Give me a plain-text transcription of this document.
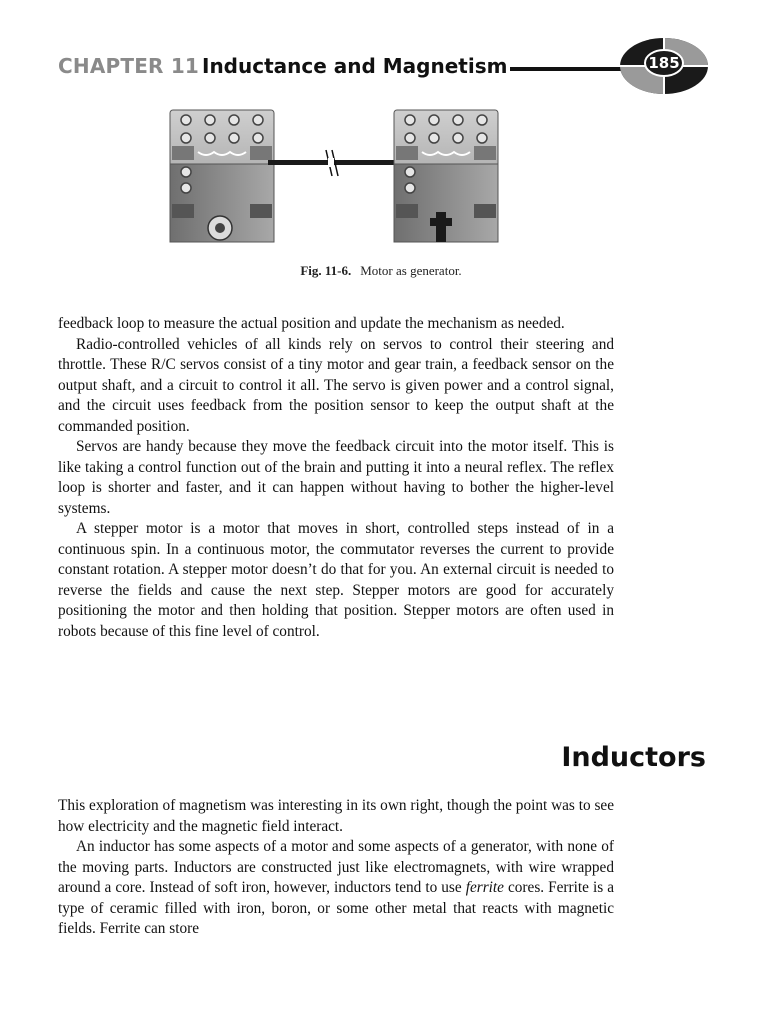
CHAPTER 11 Inductance and Magnetism	185
Fig. 11-6. Motor as generator.

feedback loop to measure the actual position and update the mechanism as needed.

Radio-controlled vehicles of all kinds rely on servos to control their steering and throttle. These R/C servos consist of a tiny motor and gear train, a feedback sensor on the output shaft, and a circuit to control it all. The servo is given power and a control signal, and the circuit uses feedback from the position sensor to keep the output shaft at the commanded position.

Servos are handy because they move the feedback circuit into the motor itself. This is like taking a control function out of the brain and putting it into a neural reflex. The reflex loop is shorter and faster, and it can happen without having to bother the higher-level systems.

A stepper motor is a motor that moves in short, controlled steps instead of in a continuous spin. In a continuous motor, the commutator reverses the current to provide constant rotation. A stepper motor doesn’t do that for you. An external circuit is needed to reverse the fields and cause the next step. Stepper motors are good for accurately positioning the motor and then holding that position. Stepper motors are often used in robots because of this fine level of control.

Inductors

This exploration of magnetism was interesting in its own right, though the point was to see how electricity and the magnetic field interact.

An inductor has some aspects of a motor and some aspects of a generator, with none of the moving parts. Inductors are constructed just like electromagnets, with wire wrapped around a core. Instead of soft iron, however, inductors tend to use ferrite cores. Ferrite is a type of ceramic filled with iron, boron, or some other metal that reacts with magnetic fields. Ferrite can store
